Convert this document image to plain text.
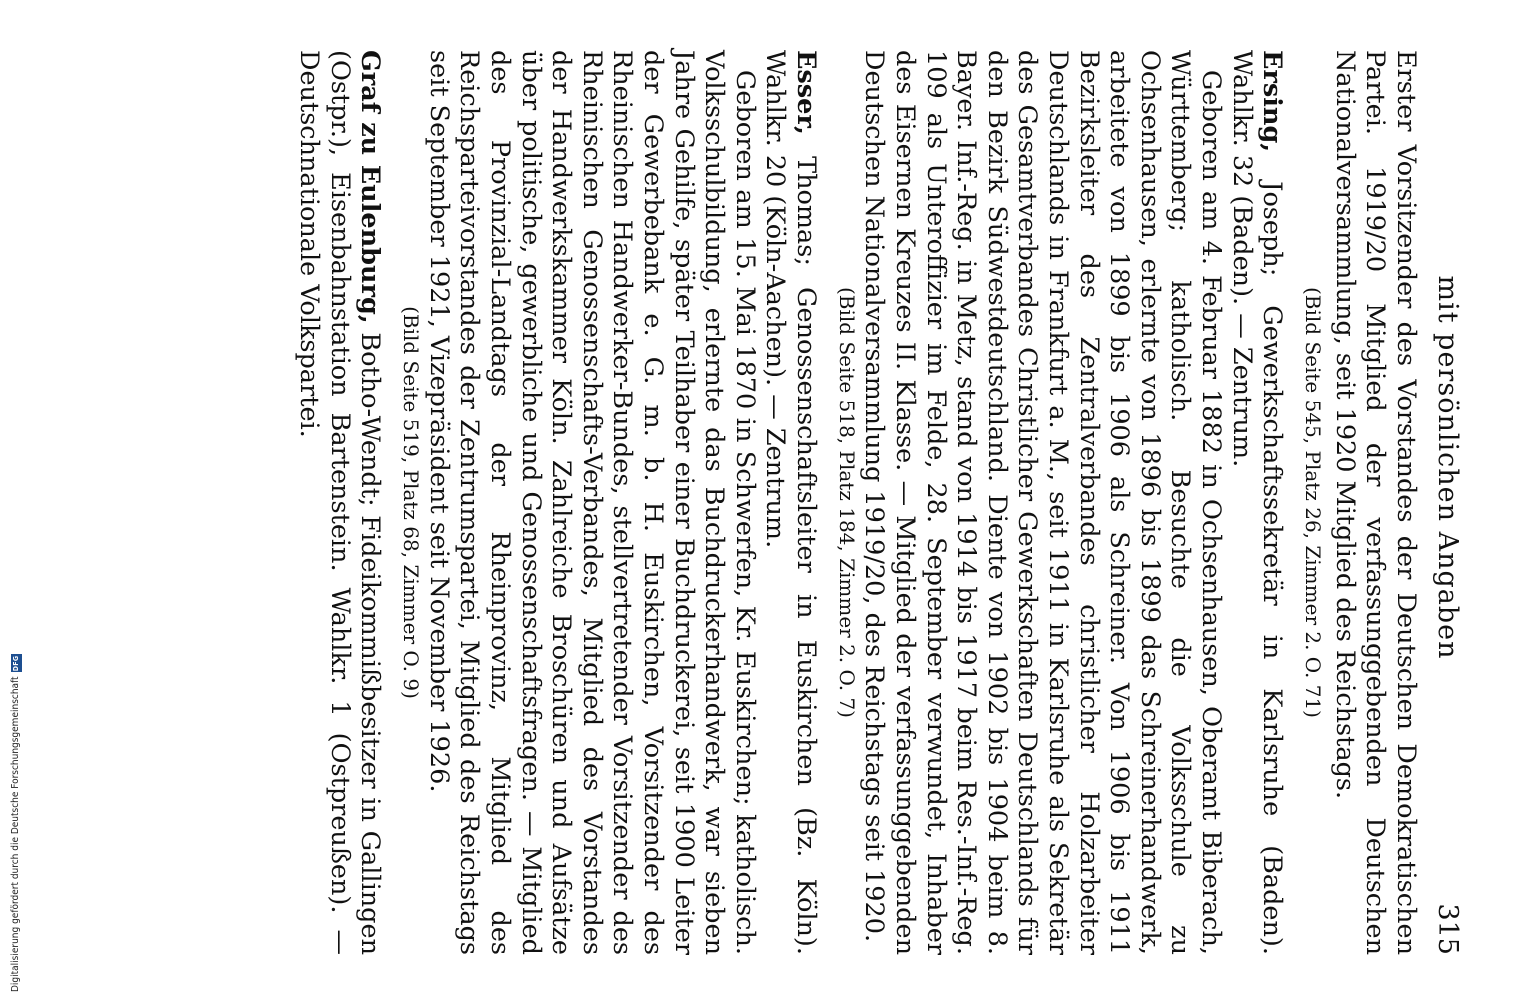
mit persönlichen Angaben
315

Erster Vorsitzender des Vorstandes der Deutschen Demokratischen Partei. 1919/20 Mitglied der verfassunggebenden Deutschen Nationalversammlung, seit 1920 Mitglied des Reichstags.

(Bild Seite 545, Platz 26, Zimmer 2. O. 71)

Ersing, Joseph; Gewerkschaftssekretär in Karlsruhe (Baden). Wahlkr. 32 (Baden). — Zentrum.

Geboren am 4. Februar 1882 in Ochsenhausen, Oberamt Biberach, Württemberg; katholisch. Besuchte die Volksschule zu Ochsenhausen, erlernte von 1896 bis 1899 das Schreinerhandwerk, arbeitete von 1899 bis 1906 als Schreiner. Von 1906 bis 1911 Bezirksleiter des Zentralverbandes christlicher Holzarbeiter Deutschlands in Frankfurt a. M., seit 1911 in Karlsruhe als Sekretär des Gesamtverbandes Christlicher Gewerkschaften Deutschlands für den Bezirk Südwestdeutschland. Diente von 1902 bis 1904 beim 8. Bayer. Inf.-Reg. in Metz, stand von 1914 bis 1917 beim Res.-Inf.-Reg. 109 als Unteroffizier im Felde, 28. September verwundet, Inhaber des Eisernen Kreuzes II. Klasse. — Mitglied der verfassunggebenden Deutschen Nationalversammlung 1919/20, des Reichstags seit 1920.

(Bild Seite 518, Platz 184, Zimmer 2. O. 7)

Esser, Thomas; Genossenschaftsleiter in Euskirchen (Bz. Köln). Wahlkr. 20 (Köln-Aachen). — Zentrum.

Geboren am 15. Mai 1870 in Schwerfen, Kr. Euskirchen; katholisch. Volksschulbildung, erlernte das Buchdruckerhandwerk, war sieben Jahre Gehilfe, später Teilhaber einer Buchdruckerei, seit 1900 Leiter der Gewerbebank e. G. m. b. H. Euskirchen, Vorsitzender des Rheinischen Handwerker-Bundes, stellvertretender Vorsitzender des Rheinischen Genossenschafts-Verbandes, Mitglied des Vorstandes der Handwerkskammer Köln. Zahlreiche Broschüren und Aufsätze über politische, gewerbliche und Genossenschaftsfragen. — Mitglied des Provinzial-Landtags der Rheinprovinz, Mitglied des Reichsparteivorstandes der Zentrumspartei, Mitglied des Reichstags seit September 1921, Vizepräsident seit November 1926.

(Bild Seite 519, Platz 68, Zimmer O. 9)

Graf zu Eulenburg, Botho-Wendt; Fideikommißbesitzer in Gallingen (Ostpr.), Eisenbahnstation Bartenstein. Wahlkr. 1 (Ostpreußen). — Deutschnationale Volkspartei.

Digitalisierung gefördert durch die Deutsche Forschungsgemeinschaft
DFG
